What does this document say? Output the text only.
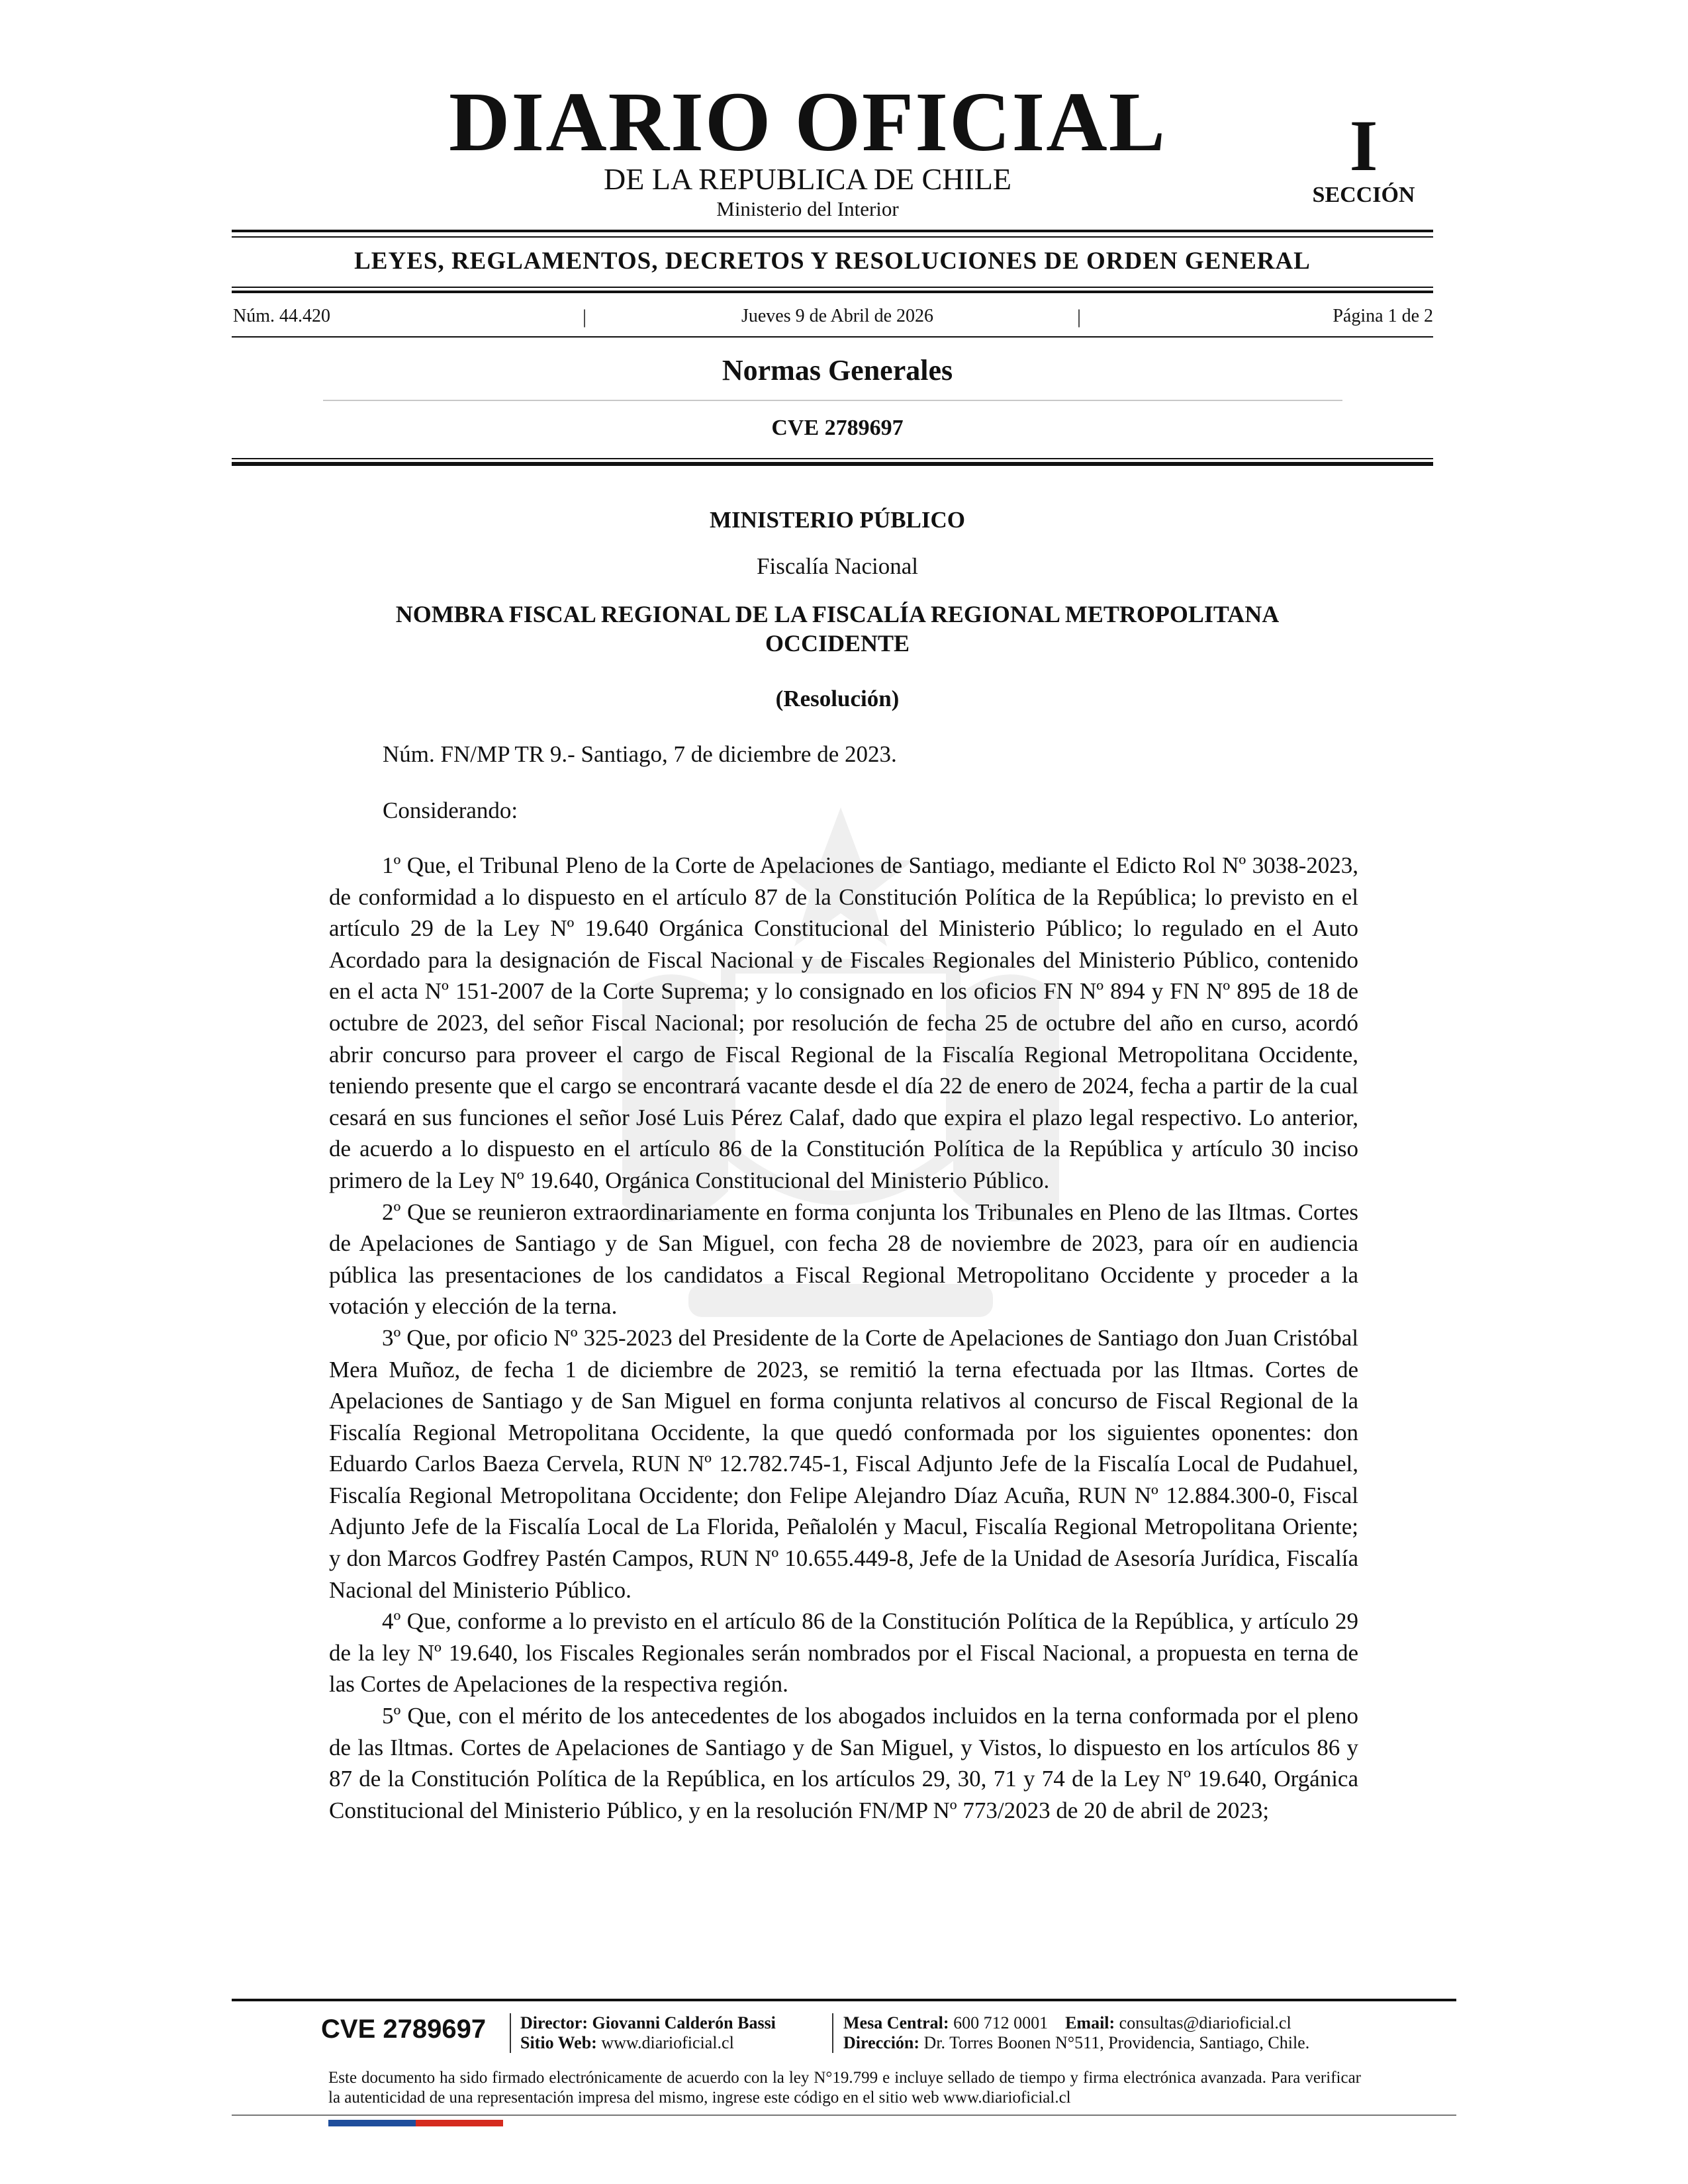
DIARIO OFICIAL
DE LA REPUBLICA DE CHILE
Ministerio del Interior
I
SECCIÓN
LEYES, REGLAMENTOS, DECRETOS Y RESOLUCIONES DE ORDEN GENERAL
Núm. 44.420	|	Jueves 9 de Abril de 2026	|	Página 1 de 2
Normas Generales
CVE 2789697
MINISTERIO PÚBLICO
Fiscalía Nacional
NOMBRA FISCAL REGIONAL DE LA FISCALÍA REGIONAL METROPOLITANA
OCCIDENTE
(Resolución)
Núm. FN/MP TR 9.- Santiago, 7 de diciembre de 2023.
Considerando:

1º Que, el Tribunal Pleno de la Corte de Apelaciones de Santiago, mediante el Edicto Rol Nº 3038-2023, de conformidad a lo dispuesto en el artículo 87 de la Constitución Política de la República; lo previsto en el artículo 29 de la Ley Nº 19.640 Orgánica Constitucional del Ministerio Público; lo regulado en el Auto Acordado para la designación de Fiscal Nacional y de Fiscales Regionales del Ministerio Público, contenido en el acta Nº 151-2007 de la Corte Suprema; y lo consignado en los oficios FN Nº 894 y FN Nº 895 de 18 de octubre de 2023, del señor Fiscal Nacional; por resolución de fecha 25 de octubre del año en curso, acordó abrir concurso para proveer el cargo de Fiscal Regional de la Fiscalía Regional Metropolitana Occidente, teniendo presente que el cargo se encontrará vacante desde el día 22 de enero de 2024, fecha a partir de la cual cesará en sus funciones el señor José Luis Pérez Calaf, dado que expira el plazo legal respectivo. Lo anterior, de acuerdo a lo dispuesto en el artículo 86 de la Constitución Política de la República y artículo 30 inciso primero de la Ley Nº 19.640, Orgánica Constitucional del Ministerio Público.

2º Que se reunieron extraordinariamente en forma conjunta los Tribunales en Pleno de las Iltmas. Cortes de Apelaciones de Santiago y de San Miguel, con fecha 28 de noviembre de 2023, para oír en audiencia pública las presentaciones de los candidatos a Fiscal Regional Metropolitano Occidente y proceder a la votación y elección de la terna.

3º Que, por oficio Nº 325-2023 del Presidente de la Corte de Apelaciones de Santiago don Juan Cristóbal Mera Muñoz, de fecha 1 de diciembre de 2023, se remitió la terna efectuada por las Iltmas. Cortes de Apelaciones de Santiago y de San Miguel en forma conjunta relativos al concurso de Fiscal Regional de la Fiscalía Regional Metropolitana Occidente, la que quedó conformada por los siguientes oponentes: don Eduardo Carlos Baeza Cervela, RUN Nº 12.782.745-1, Fiscal Adjunto Jefe de la Fiscalía Local de Pudahuel, Fiscalía Regional Metropolitana Occidente; don Felipe Alejandro Díaz Acuña, RUN Nº 12.884.300-0, Fiscal Adjunto Jefe de la Fiscalía Local de La Florida, Peñalolén y Macul, Fiscalía Regional Metropolitana Oriente; y don Marcos Godfrey Pastén Campos, RUN Nº 10.655.449-8, Jefe de la Unidad de Asesoría Jurídica, Fiscalía Nacional del Ministerio Público.

4º Que, conforme a lo previsto en el artículo 86 de la Constitución Política de la República, y artículo 29 de la ley Nº 19.640, los Fiscales Regionales serán nombrados por el Fiscal Nacional, a propuesta en terna de las Cortes de Apelaciones de la respectiva región.

5º Que, con el mérito de los antecedentes de los abogados incluidos en la terna conformada por el pleno de las Iltmas. Cortes de Apelaciones de Santiago y de San Miguel, y Vistos, lo dispuesto en los artículos 86 y 87 de la Constitución Política de la República, en los artículos 29, 30, 71 y 74 de la Ley Nº 19.640, Orgánica Constitucional del Ministerio Público, y en la resolución FN/MP Nº 773/2023 de 20 de abril de 2023;

CVE 2789697 Director: Giovanni Calderón Bassi
Sitio Web: www.diarioficial.cl
Mesa Central: 600 712 0001 Email: consultas@diarioficial.cl
Dirección: Dr. Torres Boonen N°511, Providencia, Santiago, Chile.
Este documento ha sido firmado electrónicamente de acuerdo con la ley N°19.799 e incluye sellado de tiempo y firma electrónica avanzada. Para verificar la autenticidad de una representación impresa del mismo, ingrese este código en el sitio web www.diarioficial.cl
